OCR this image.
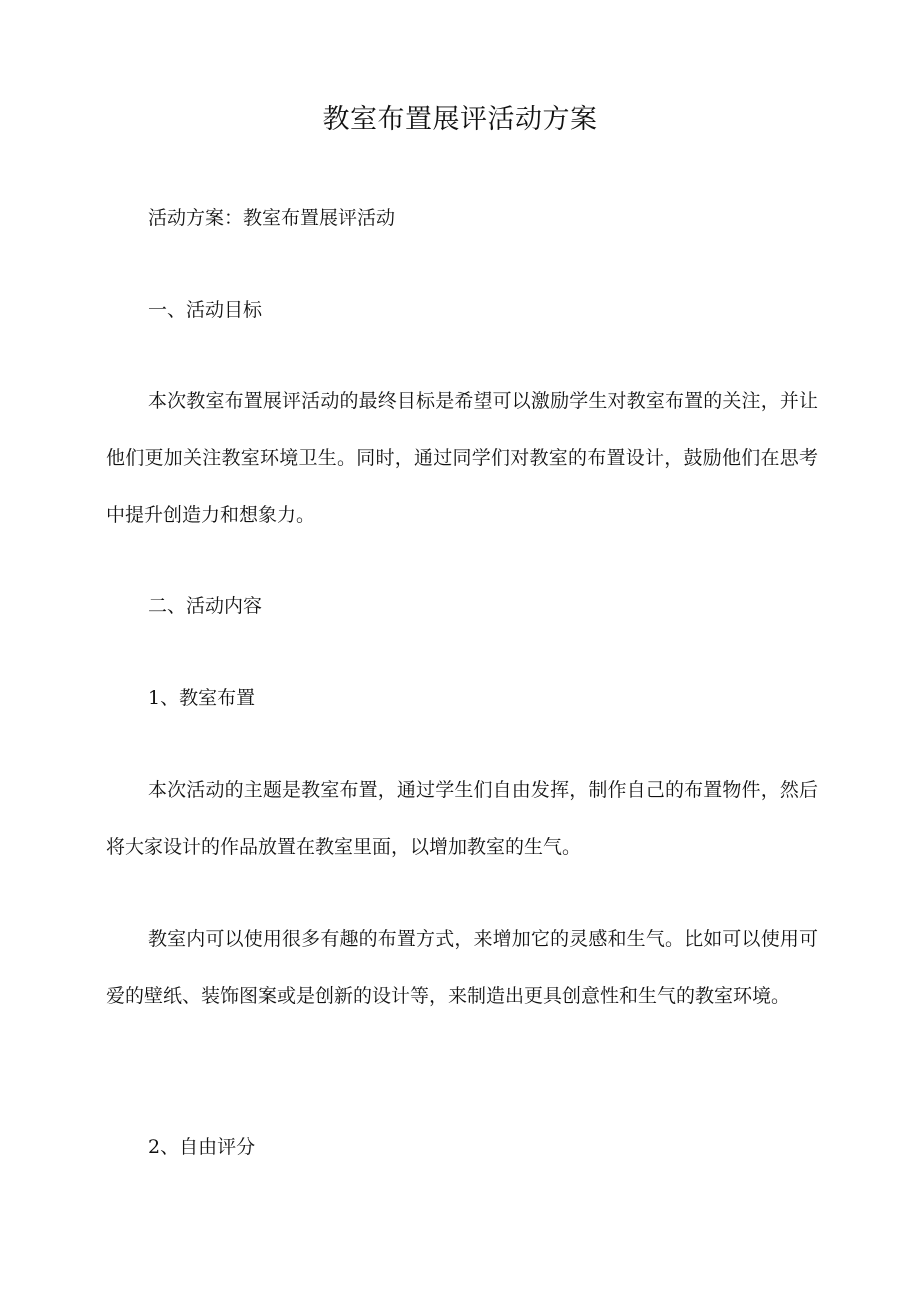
教室布置展评活动方案

活动方案：教室布置展评活动

一、活动目标

本次教室布置展评活动的最终目标是希望可以激励学生对教室布置的关注，并让他们更加关注教室环境卫生。同时，通过同学们对教室的布置设计，鼓励他们在思考中提升创造力和想象力。

二、活动内容

1、教室布置

本次活动的主题是教室布置，通过学生们自由发挥，制作自己的布置物件，然后将大家设计的作品放置在教室里面，以增加教室的生气。

教室内可以使用很多有趣的布置方式，来增加它的灵感和生气。比如可以使用可爱的壁纸、装饰图案或是创新的设计等，来制造出更具创意性和生气的教室环境。

2、自由评分
